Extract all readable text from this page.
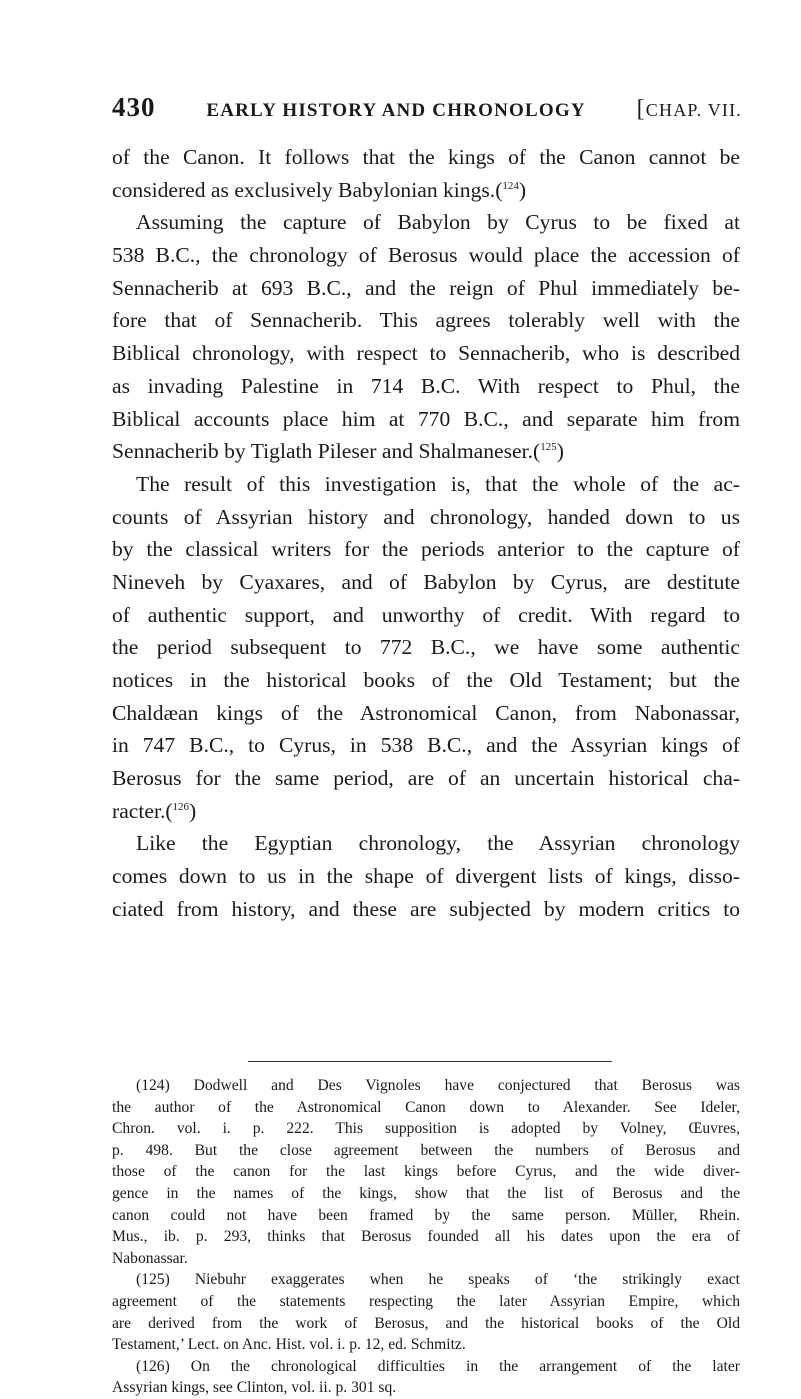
430	EARLY HISTORY AND CHRONOLOGY [CHAP. VII.
of the Canon. It follows that the kings of the Canon cannot be
considered as exclusively Babylonian kings.($^{124}$)
Assuming the capture of Babylon by Cyrus to be fixed at
538 B.C., the chronology of Berosus would place the accession of
Sennacherib at 693 B.C., and the reign of Phul immediately be-
fore that of Sennacherib. This agrees tolerably well with the
Biblical chronology, with respect to Sennacherib, who is described
as invading Palestine in 714 B.C. With respect to Phul, the
Biblical accounts place him at 770 B.C., and separate him from
Sennacherib by Tiglath Pileser and Shalmaneser.($^{125}$)
The result of this investigation is, that the whole of the ac-
counts of Assyrian history and chronology, handed down to us
by the classical writers for the periods anterior to the capture of
Nineveh by Cyaxares, and of Babylon by Cyrus, are destitute
of authentic support, and unworthy of credit. With regard to
the period subsequent to 772 B.C., we have some authentic
notices in the historical books of the Old Testament; but the
Chaldæan kings of the Astronomical Canon, from Nabonassar,
in 747 B.C., to Cyrus, in 538 B.C., and the Assyrian kings of
Berosus for the same period, are of an uncertain historical cha-
racter.($^{126}$)
Like the Egyptian chronology, the Assyrian chronology
comes down to us in the shape of divergent lists of kings, disso-
ciated from history, and these are subjected by modern critics to
(124) Dodwell and Des Vignoles have conjectured that Berosus was
the author of the Astronomical Canon down to Alexander. See Ideler,
Chron. vol. i. p. 222. This supposition is adopted by Volney, Œuvres,
p. 498. But the close agreement between the numbers of Berosus and
those of the canon for the last kings before Cyrus, and the wide diver-
gence in the names of the kings, show that the list of Berosus and the
canon could not have been framed by the same person. Müller, Rhein.
Mus., ib. p. 293, thinks that Berosus founded all his dates upon the era of
Nabonassar.
(125) Niebuhr exaggerates when he speaks of ‘the strikingly exact
agreement of the statements respecting the later Assyrian Empire, which
are derived from the work of Berosus, and the historical books of the Old
Testament,’ Lect. on Anc. Hist. vol. i. p. 12, ed. Schmitz.
(126) On the chronological difficulties in the arrangement of the later
Assyrian kings, see Clinton, vol. ii. p. 301 sq.
